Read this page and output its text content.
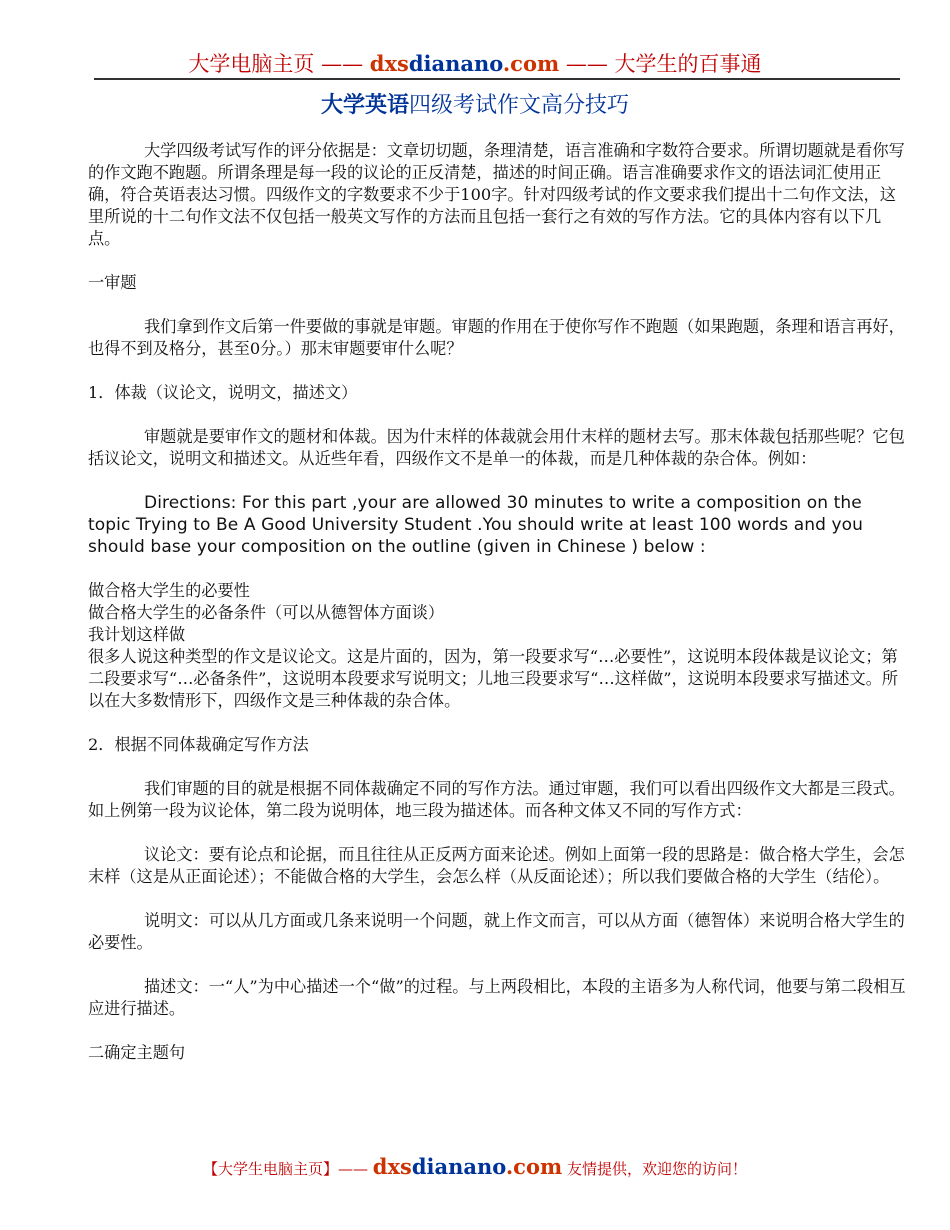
大学电脑主页 —— dxsdianano.com —— 大学生的百事通
大学英语四级考试作文高分技巧

大学四级考试写作的评分依据是：文章切切题，条理清楚，语言准确和字数符合要求。所谓切题就是看你写的作文跑不跑题。所谓条理是每一段的议论的正反清楚，描述的时间正确。语言准确要求作文的语法词汇使用正确，符合英语表达习惯。四级作文的字数要求不少于100字。针对四级考试的作文要求我们提出十二句作文法，这里所说的十二句作文法不仅包括一般英文写作的方法而且包括一套行之有效的写作方法。它的具体内容有以下几点。

一审题

我们拿到作文后第一件要做的事就是审题。审题的作用在于使你写作不跑题（如果跑题，条理和语言再好，也得不到及格分，甚至0分。）那末审题要审什么呢？

1．体裁（议论文，说明文，描述文）

审题就是要审作文的题材和体裁。因为什末样的体裁就会用什末样的题材去写。那末体裁包括那些呢？它包括议论文，说明文和描述文。从近些年看，四级作文不是单一的体裁，而是几种体裁的杂合体。例如：

Directions: For this part ,your are allowed 30 minutes to write a composition on the topic Trying to Be A Good University Student .You should write at least 100 words and you should base your composition on the outline (given in Chinese ) below :

做合格大学生的必要性

做合格大学生的必备条件（可以从德智体方面谈）

我计划这样做

很多人说这种类型的作文是议论文。这是片面的，因为，第一段要求写“…必要性”，这说明本段体裁是议论文；第二段要求写“…必备条件”，这说明本段要求写说明文；儿地三段要求写“…这样做”，这说明本段要求写描述文。所以在大多数情形下，四级作文是三种体裁的杂合体。

2．根据不同体裁确定写作方法

我们审题的目的就是根据不同体裁确定不同的写作方法。通过审题，我们可以看出四级作文大都是三段式。如上例第一段为议论体，第二段为说明体，地三段为描述体。而各种文体又不同的写作方式：

议论文：要有论点和论据，而且往往从正反两方面来论述。例如上面第一段的思路是：做合格大学生，会怎末样（这是从正面论述）；不能做合格的大学生，会怎么样（从反面论述）；所以我们要做合格的大学生（结伦）。

说明文：可以从几方面或几条来说明一个问题，就上作文而言，可以从方面（德智体）来说明合格大学生的必要性。

描述文：一“人”为中心描述一个“做”的过程。与上两段相比，本段的主语多为人称代词，他要与第二段相互应进行描述。

二确定主题句

【大学生电脑主页】—— dxsdianano.com 友情提供，欢迎您的访问！
